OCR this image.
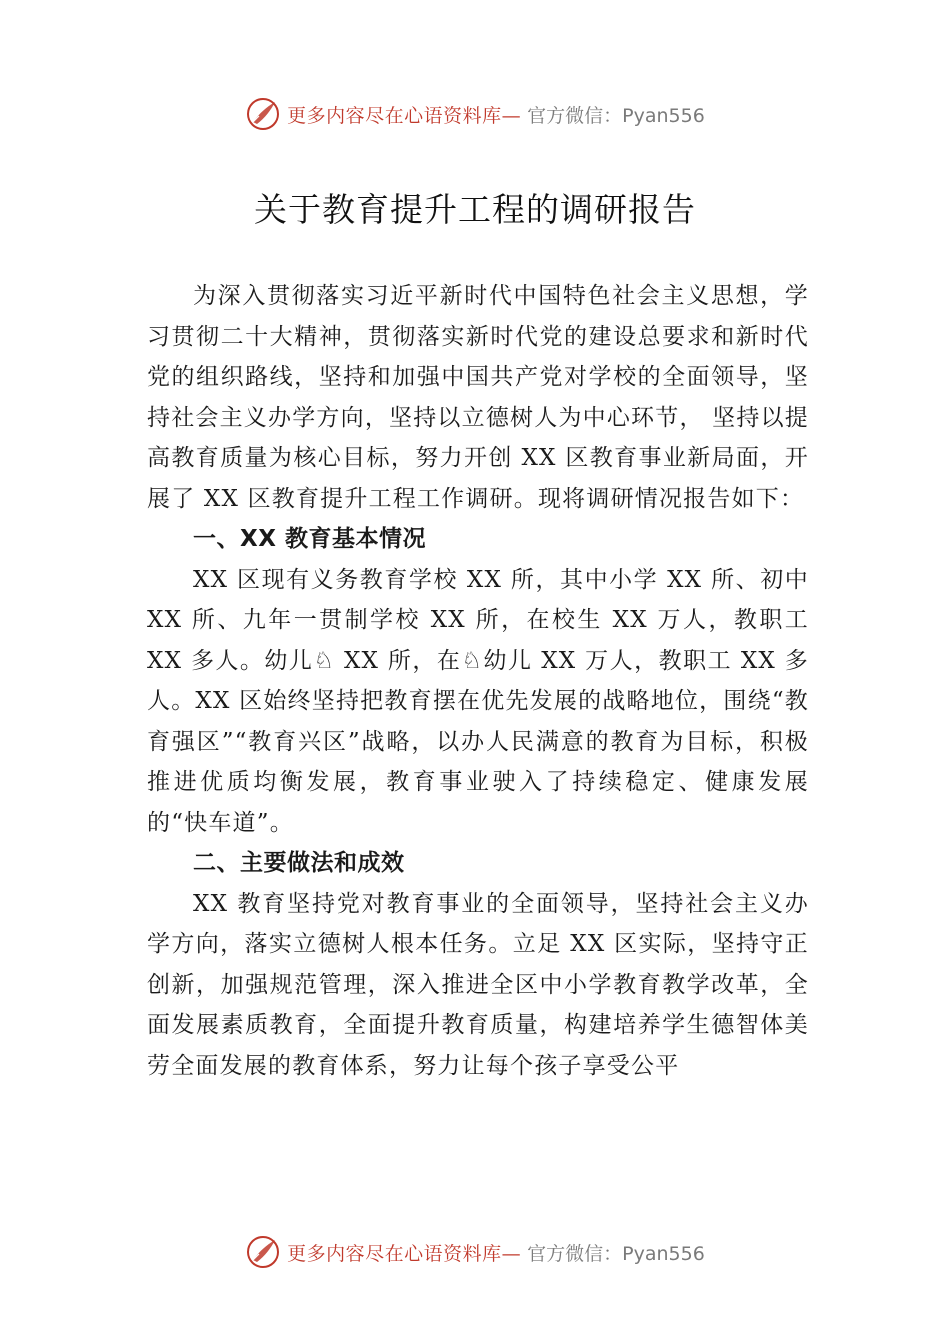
更多内容尽在心语资料库— 官方微信：Pyan556
关于教育提升工程的调研报告

为深入贯彻落实习近平新时代中国特色社会主义思想，学习贯彻二十大精神，贯彻落实新时代党的建设总要求和新时代党的组织路线，坚持和加强中国共产党对学校的全面领导，坚持社会主义办学方向，坚持以立德树人为中心环节， 坚持以提高教育质量为核心目标，努力开创 XX 区教育事业新局面，开展了 XX 区教育提升工程工作调研。现将调研情况报告如下：

一、XX 教育基本情况

XX 区现有义务教育学校 XX 所，其中小学 XX 所、初中 XX 所、九年一贯制学校 XX 所，在校生 XX 万人，教职工 XX 多人。幼儿♘ XX 所，在♘幼儿 XX 万人，教职工 XX 多人。XX 区始终坚持把教育摆在优先发展的战略地位，围绕“教育强区”“教育兴区”战略，以办人民满意的教育为目标，积极推进优质均衡发展，教育事业驶入了持续稳定、健康发展的“快车道”。

二、主要做法和成效

XX 教育坚持党对教育事业的全面领导，坚持社会主义办学方向，落实立德树人根本任务。立足 XX 区实际，坚持守正创新，加强规范管理，深入推进全区中小学教育教学改革，全面发展素质教育，全面提升教育质量，构建培养学生德智体美劳全面发展的教育体系，努力让每个孩子享受公平

更多内容尽在心语资料库— 官方微信：Pyan556
